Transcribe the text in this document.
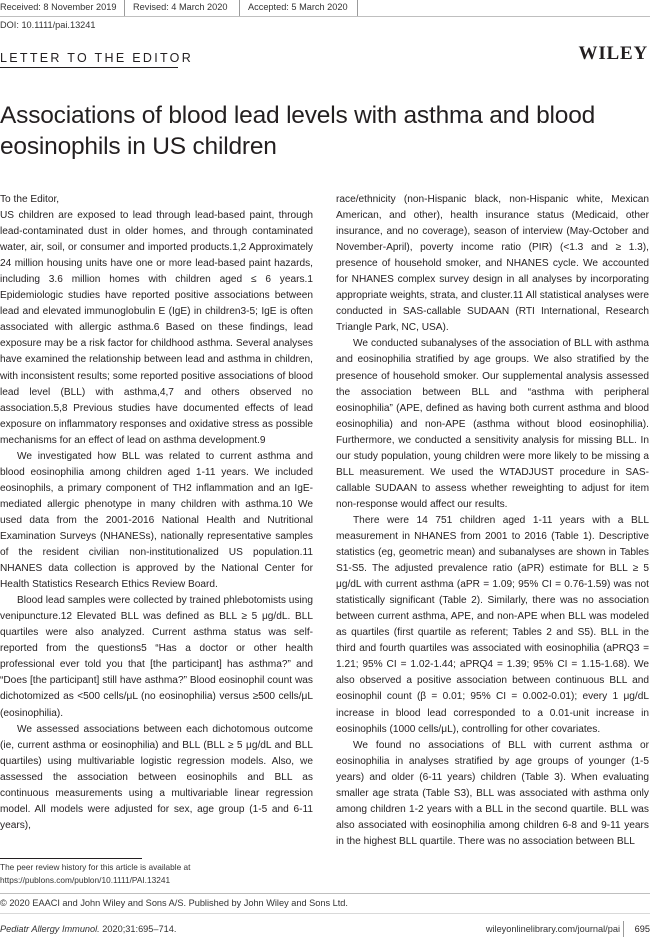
Received: 8 November 2019 Revised: 4 March 2020 Accepted: 5 March 2020
DOI: 10.1111/pai.13241
LETTER TO THE EDITOR	WILEY
Associations of blood lead levels with asthma and blood eosinophils in US children

To the Editor,

US children are exposed to lead through lead-based paint, through lead-contaminated dust in older homes, and through contaminated water, air, soil, or consumer and imported products.1,2 Approximately 24 million housing units have one or more lead-based paint hazards, including 3.6 million homes with children aged ≤ 6 years.1 Epidemiologic studies have reported positive associations between lead and elevated immunoglobulin E (IgE) in children3-5; IgE is often associated with allergic asthma.6 Based on these findings, lead exposure may be a risk factor for childhood asthma. Several analyses have examined the relationship between lead and asthma in children, with inconsistent results; some reported positive associations of blood lead level (BLL) with asthma,4,7 and others observed no association.5,8 Previous studies have documented effects of lead exposure on inflammatory responses and oxidative stress as possible mechanisms for an effect of lead on asthma development.9

We investigated how BLL was related to current asthma and blood eosinophilia among children aged 1-11 years. We included eosinophils, a primary component of TH2 inflammation and an IgE-mediated allergic phenotype in many children with asthma.10 We used data from the 2001-2016 National Health and Nutritional Examination Surveys (NHANESs), nationally representative samples of the resident civilian non-institutionalized US population.11 NHANES data collection is approved by the National Center for Health Statistics Research Ethics Review Board.

Blood lead samples were collected by trained phlebotomists using venipuncture.12 Elevated BLL was defined as BLL ≥ 5 μg/dL. BLL quartiles were also analyzed. Current asthma status was self-reported from the questions5 “Has a doctor or other health professional ever told you that [the participant] has asthma?” and “Does [the participant] still have asthma?” Blood eosinophil count was dichotomized as <500 cells/μL (no eosinophilia) versus ≥500 cells/μL (eosinophilia).

We assessed associations between each dichotomous outcome (ie, current asthma or eosinophilia) and BLL (BLL ≥ 5 μg/dL and BLL quartiles) using multivariable logistic regression models. Also, we assessed the association between eosinophils and BLL as continuous measurements using a multivariable linear regression model. All models were adjusted for sex, age group (1-5 and 6-11 years),

race/ethnicity (non-Hispanic black, non-Hispanic white, Mexican American, and other), health insurance status (Medicaid, other insurance, and no coverage), season of interview (May-October and November-April), poverty income ratio (PIR) (<1.3 and ≥ 1.3), presence of household smoker, and NHANES cycle. We accounted for NHANES complex survey design in all analyses by incorporating appropriate weights, strata, and cluster.11 All statistical analyses were conducted in SAS-callable SUDAAN (RTI International, Research Triangle Park, NC, USA).

We conducted subanalyses of the association of BLL with asthma and eosinophilia stratified by age groups. We also stratified by the presence of household smoker. Our supplemental analysis assessed the association between BLL and “asthma with peripheral eosinophilia” (APE, defined as having both current asthma and blood eosinophilia) and non-APE (asthma without blood eosinophilia). Furthermore, we conducted a sensitivity analysis for missing BLL. In our study population, young children were more likely to be missing a BLL measurement. We used the WTADJUST procedure in SAS-callable SUDAAN to assess whether reweighting to adjust for item non-response would affect our results.

There were 14 751 children aged 1-11 years with a BLL measurement in NHANES from 2001 to 2016 (Table 1). Descriptive statistics (eg, geometric mean) and subanalyses are shown in Tables S1-S5. The adjusted prevalence ratio (aPR) estimate for BLL ≥ 5 μg/dL with current asthma (aPR = 1.09; 95% CI = 0.76-1.59) was not statistically significant (Table 2). Similarly, there was no association between current asthma, APE, and non-APE when BLL was modeled as quartiles (first quartile as referent; Tables 2 and S5). BLL in the third and fourth quartiles was associated with eosinophilia (aPRQ3 = 1.21; 95% CI = 1.02-1.44; aPRQ4 = 1.39; 95% CI = 1.15-1.68). We also observed a positive association between continuous BLL and eosinophil count (β = 0.01; 95% CI = 0.002-0.01); every 1 μg/dL increase in blood lead corresponded to a 0.01-unit increase in eosinophils (1000 cells/μL), controlling for other covariates.

We found no associations of BLL with current asthma or eosinophilia in analyses stratified by age groups of younger (1-5 years) and older (6-11 years) children (Table 3). When evaluating smaller age strata (Table S3), BLL was associated with asthma only among children 1-2 years with a BLL in the second quartile. BLL was also associated with eosinophilia among children 6-8 and 9-11 years in the highest BLL quartile. There was no association between BLL

The peer review history for this article is available at https://publons.com/publon/10.1111/PAI.13241
© 2020 EAACI and John Wiley and Sons A/S. Published by John Wiley and Sons Ltd.
Pediatr Allergy Immunol. 2020;31:695–714.	wileyonlinelibrary.com/journal/pai 695
